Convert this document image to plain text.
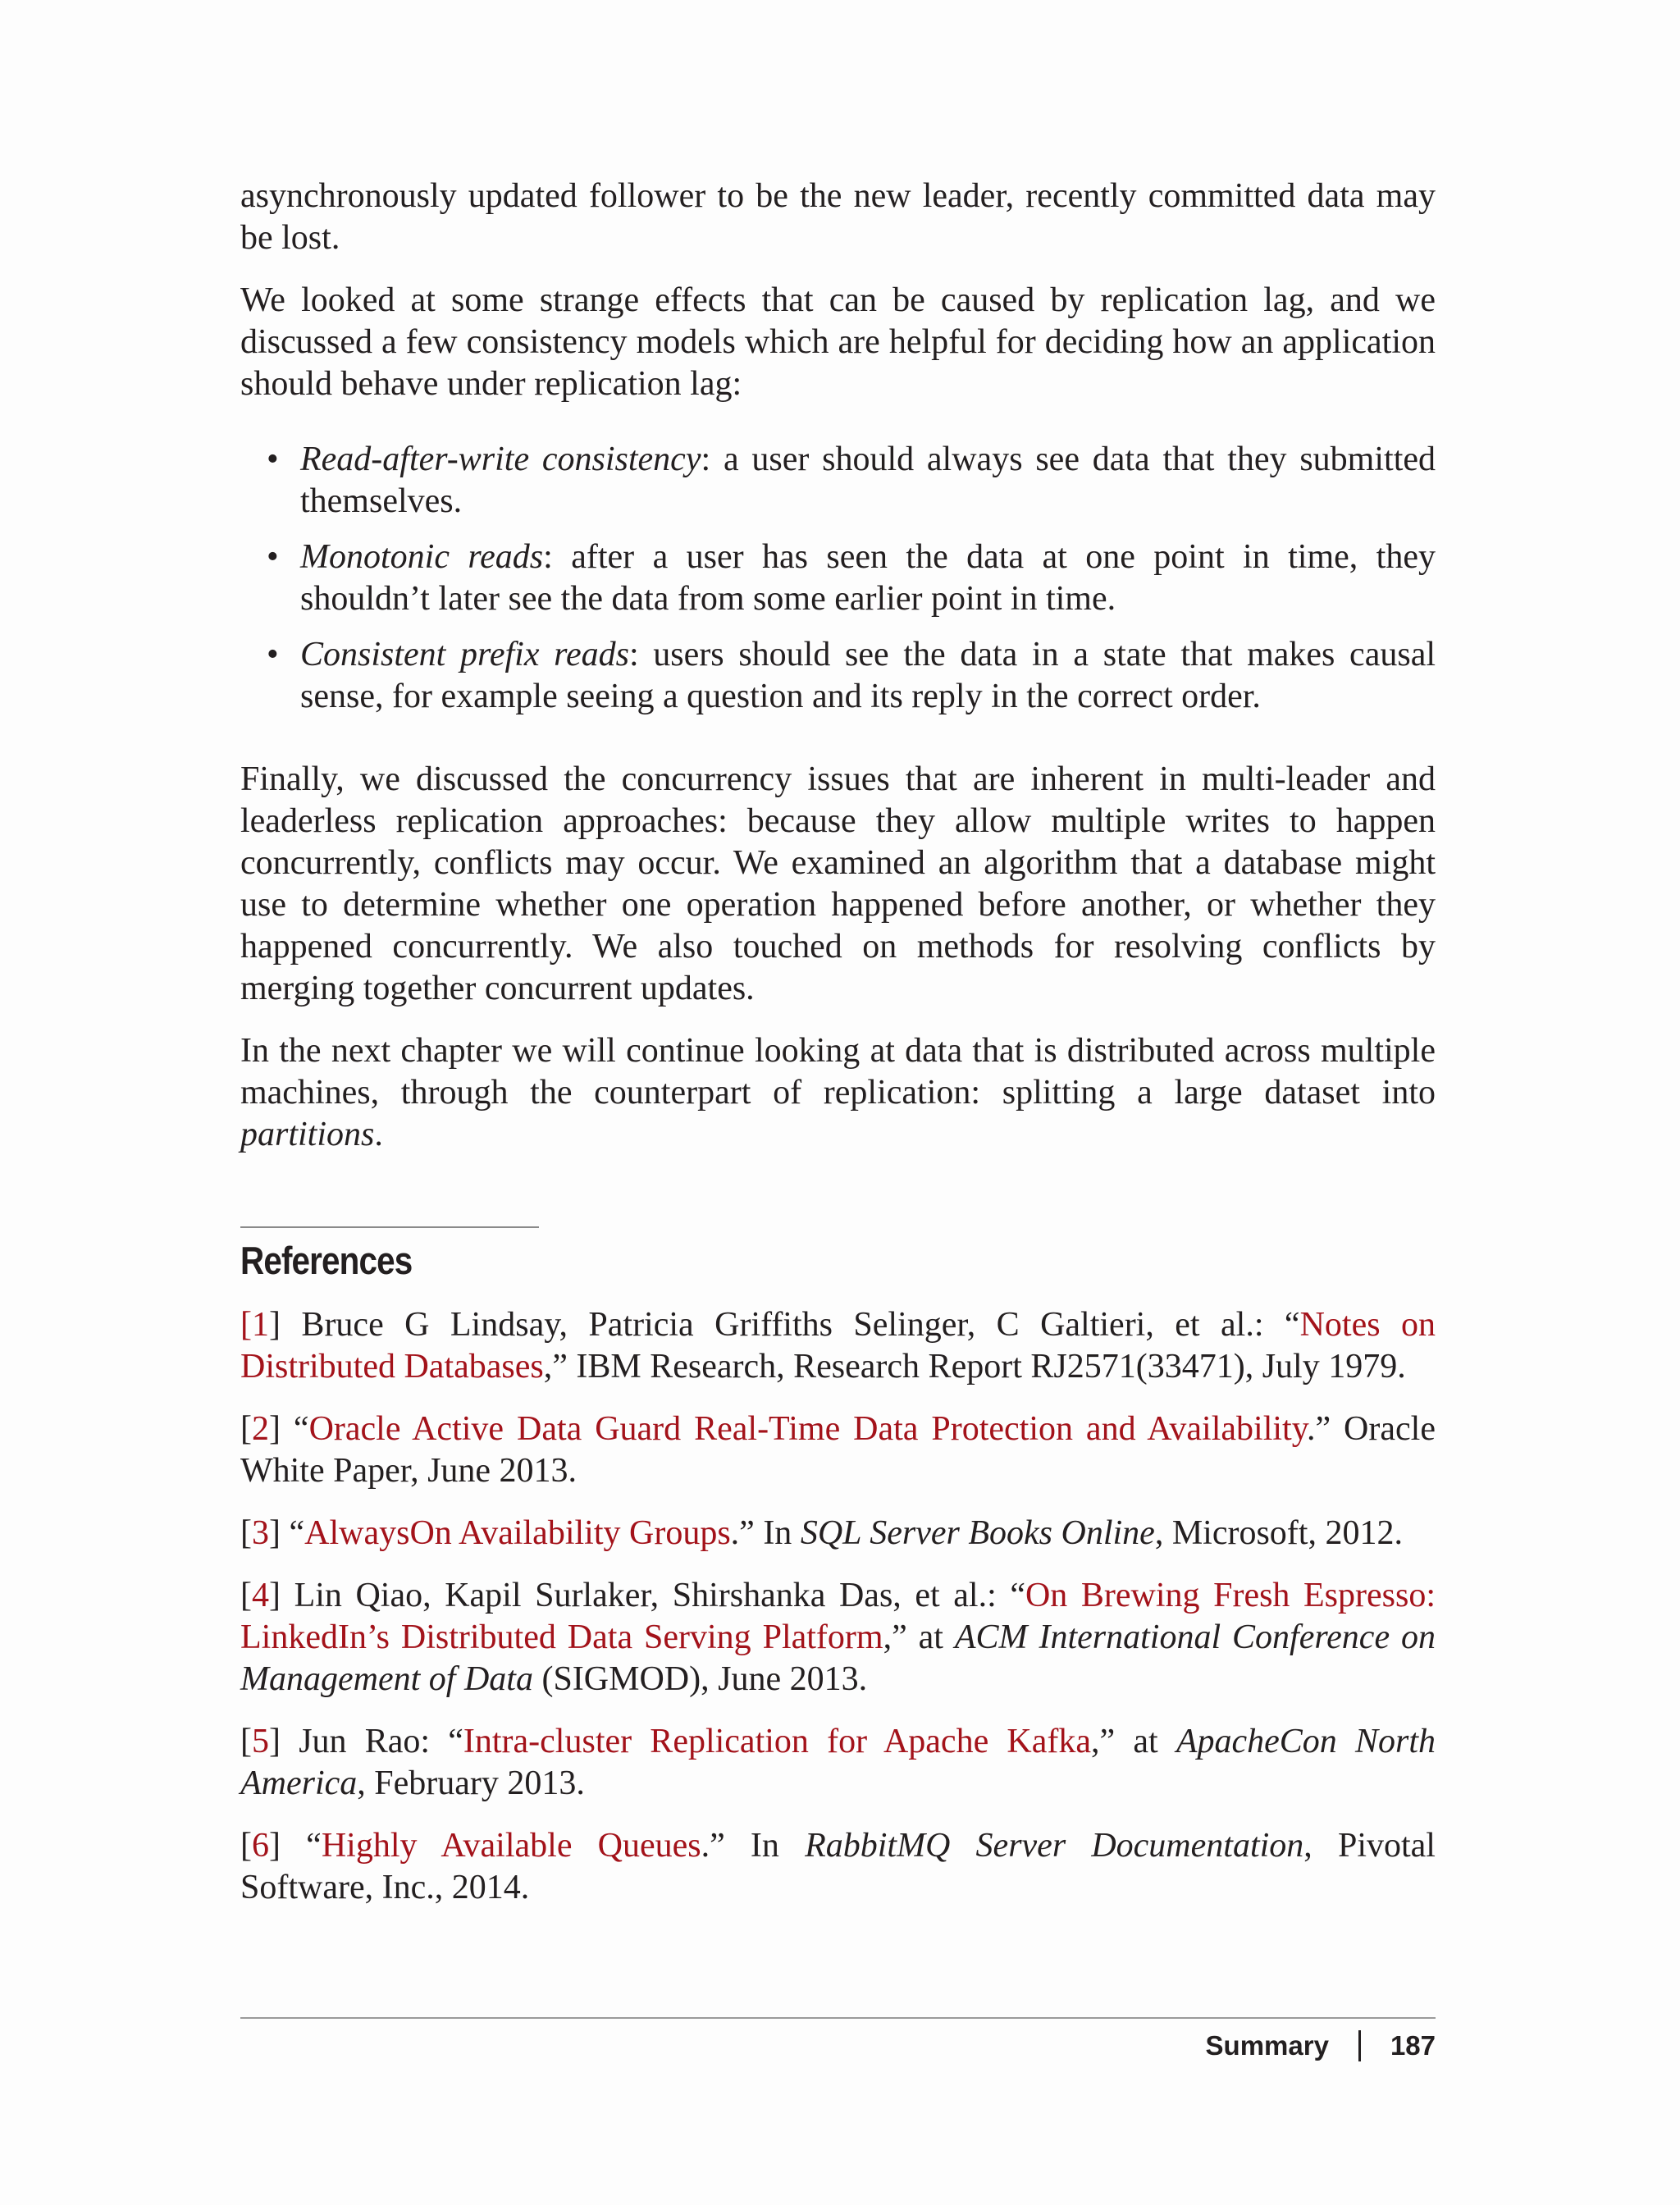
asynchronously updated follower to be the new leader, recently committed data may be lost.

We looked at some strange effects that can be caused by replication lag, and we discussed a few consistency models which are helpful for deciding how an application should behave under replication lag:

• Read-after-write consistency: a user should always see data that they submitted themselves.
• Monotonic reads: after a user has seen the data at one point in time, they shouldn’t later see the data from some earlier point in time.
• Consistent prefix reads: users should see the data in a state that makes causal sense, for example seeing a question and its reply in the correct order.

Finally, we discussed the concurrency issues that are inherent in multi-leader and leaderless replication approaches: because they allow multiple writes to happen concurrently, conflicts may occur. We examined an algorithm that a database might use to determine whether one operation happened before another, or whether they happened concurrently. We also touched on methods for resolving conflicts by merging together concurrent updates.

In the next chapter we will continue looking at data that is distributed across multiple machines, through the counterpart of replication: splitting a large dataset into partitions.

References

[1] Bruce G Lindsay, Patricia Griffiths Selinger, C Galtieri, et al.: “Notes on Distributed Databases,” IBM Research, Research Report RJ2571(33471), July 1979.

[2] “Oracle Active Data Guard Real-Time Data Protection and Availability.” Oracle White Paper, June 2013.

[3] “AlwaysOn Availability Groups.” In SQL Server Books Online, Microsoft, 2012.

[4] Lin Qiao, Kapil Surlaker, Shirshanka Das, et al.: “On Brewing Fresh Espresso: LinkedIn’s Distributed Data Serving Platform,” at ACM International Conference on Management of Data (SIGMOD), June 2013.

[5] Jun Rao: “Intra-cluster Replication for Apache Kafka,” at ApacheCon North America, February 2013.

[6] “Highly Available Queues.” In RabbitMQ Server Documentation, Pivotal Software, Inc., 2014.

Summary 187
